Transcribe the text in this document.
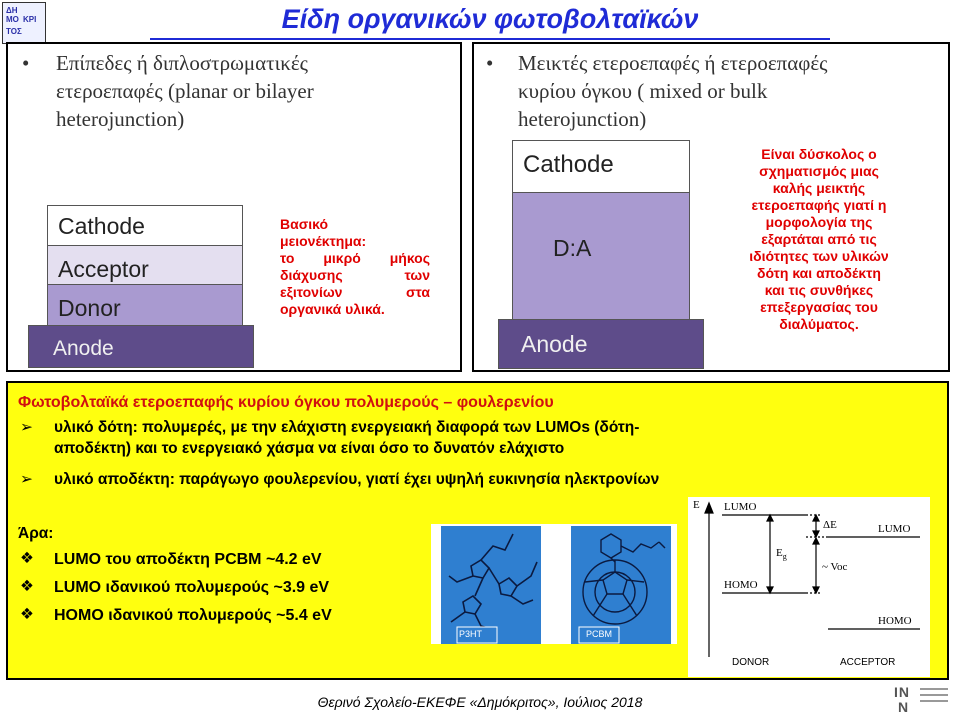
ΔΗ
ΜΟ ΚΡΙ
ΤΟΣ	Είδη οργανικών φωτοβολταϊκών
• Επίπεδες ή διπλοστρωματικές
ετεροεπαφές (planar or bilayer
heterojunction)
Cathode
Acceptor
Donor
Anode
Βασικό
μειονέκτημα:
το μικρό μήκος
διάχυσης των
εξιτονίων στα
οργανικά υλικά.
• Μεικτές ετεροεπαφές ή ετεροεπαφές
κυρίου όγκου ( mixed or bulk
heterojunction)
Cathode
D:A
Anode
Είναι δύσκολος ο
σχηματισμός μιας
καλής μεικτής
ετεροεπαφής γιατί η
μορφολογία της
εξαρτάται από τις
ιδιότητες των υλικών
δότη και αποδέκτη
και τις συνθήκες
επεξεργασίας του
διαλύματος.
Φωτοβολταϊκά ετεροεπαφής κυρίου όγκου πολυμερούς – φουλερενίου
➢ υλικό δότη: πολυμερές, με την ελάχιστη ενεργειακή διαφορά των LUMOs (δότη-
αποδέκτη) και το ενεργειακό χάσμα να είναι όσο το δυνατόν ελάχιστο
➢ υλικό αποδέκτη: παράγωγο φουλερενίου, γιατί έχει υψηλή ευκινησία ηλεκτρονίων
Άρα:
❖ LUMO του αποδέκτη PCBM ~4.2 eV
❖ LUMO ιδανικού πολυμερούς ~3.9 eV
❖ HOMO ιδανικού πολυμερούς ~5.4 eV
P3HT	PCBM
E LUMO
HOMO
LUMO
HOMO
ΔE
$E_g$
~ Voc
DONOR	ACCEPTOR
Θερινό Σχολείο-ΕΚΕΦΕ «Δημόκριτος», Ιούλιος 2018
IN
N
